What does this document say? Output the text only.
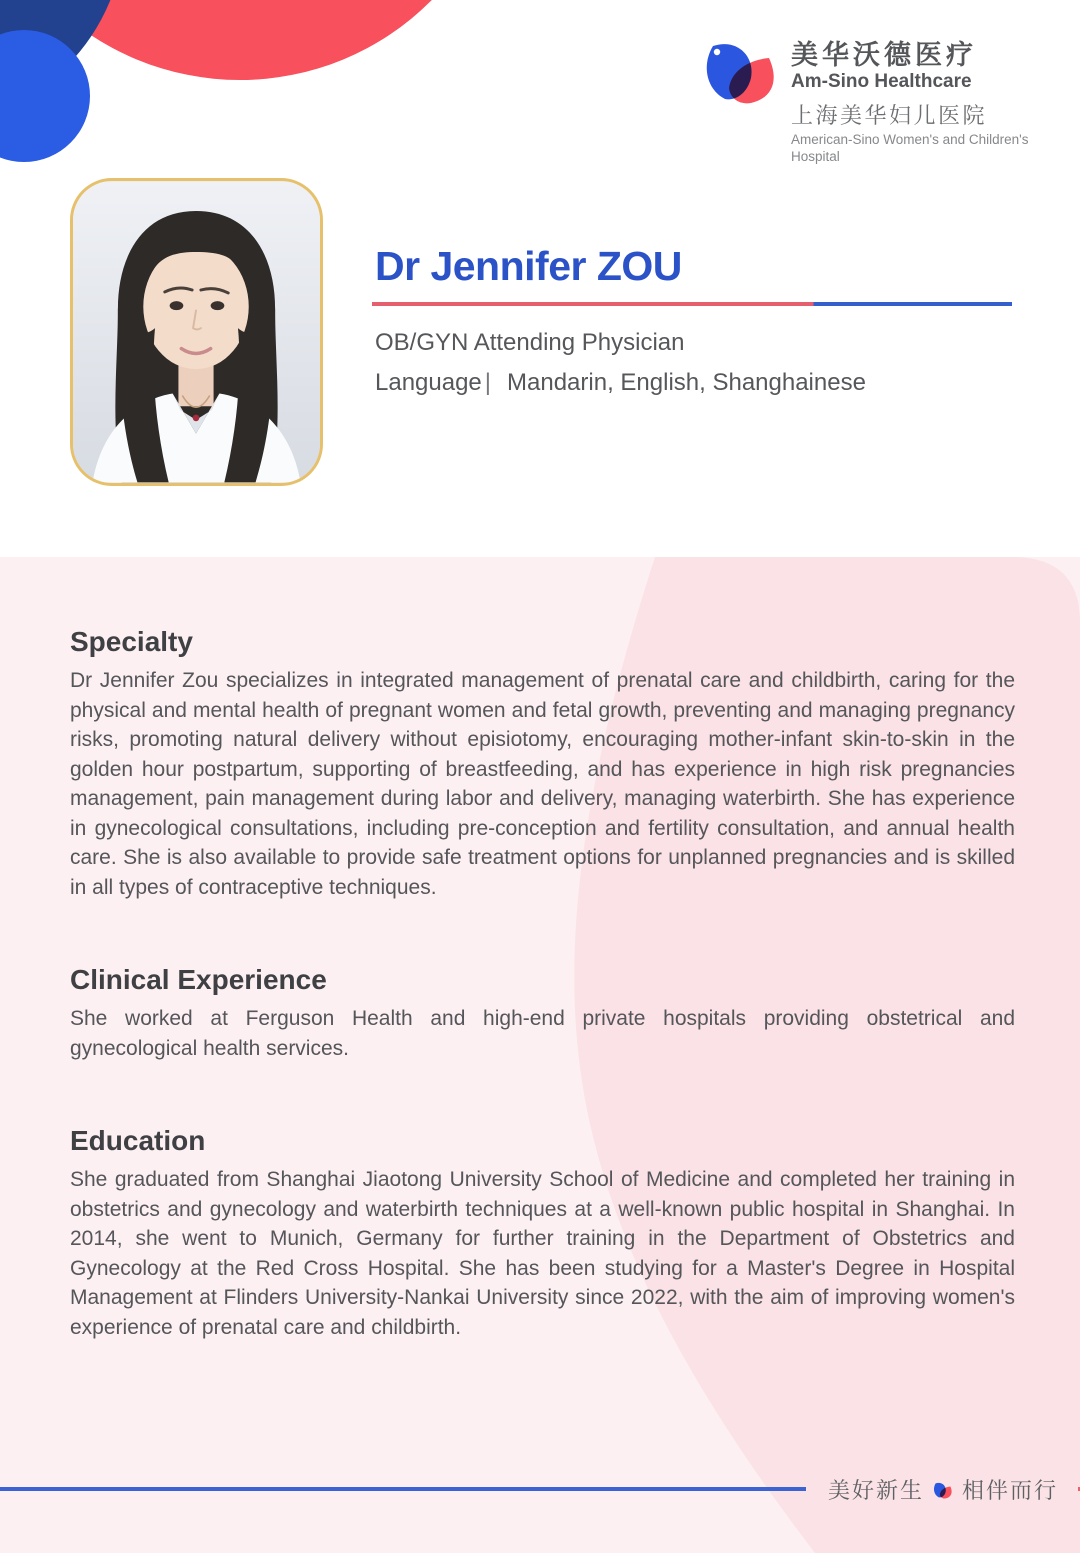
美华沃德医疗
Am-Sino Healthcare
上海美华妇儿医院
American-Sino Women's and Children's Hospital
Dr Jennifer ZOU
OB/GYN Attending Physician
Language | Mandarin, English, Shanghainese
Specialty

Dr Jennifer Zou specializes in integrated management of prenatal care and childbirth, caring for the physical and mental health of pregnant women and fetal growth, preventing and managing pregnancy risks, promoting natural delivery without episiotomy, encouraging mother-infant skin-to-skin in the golden hour postpartum, supporting of breastfeeding, and has experience in high risk pregnancies management, pain management during labor and delivery, managing waterbirth. She has experience in gynecological consultations, including pre-conception and fertility consultation, and annual health care. She is also available to provide safe treatment options for unplanned pregnancies and is skilled in all types of contraceptive techniques.

Clinical Experience

She worked at Ferguson Health and high-end private hospitals providing obstetrical and gynecological health services.

Education

She graduated from Shanghai Jiaotong University School of Medicine and completed her training in obstetrics and gynecology and waterbirth techniques at a well-known public hospital in Shanghai. In 2014, she went to Munich, Germany for further training in the Department of Obstetrics and Gynecology at the Red Cross Hospital. She has been studying for a Master's Degree in Hospital Management at Flinders University-Nankai University since 2022, with the aim of improving women's experience of prenatal care and childbirth.

美好新生 相伴而行
